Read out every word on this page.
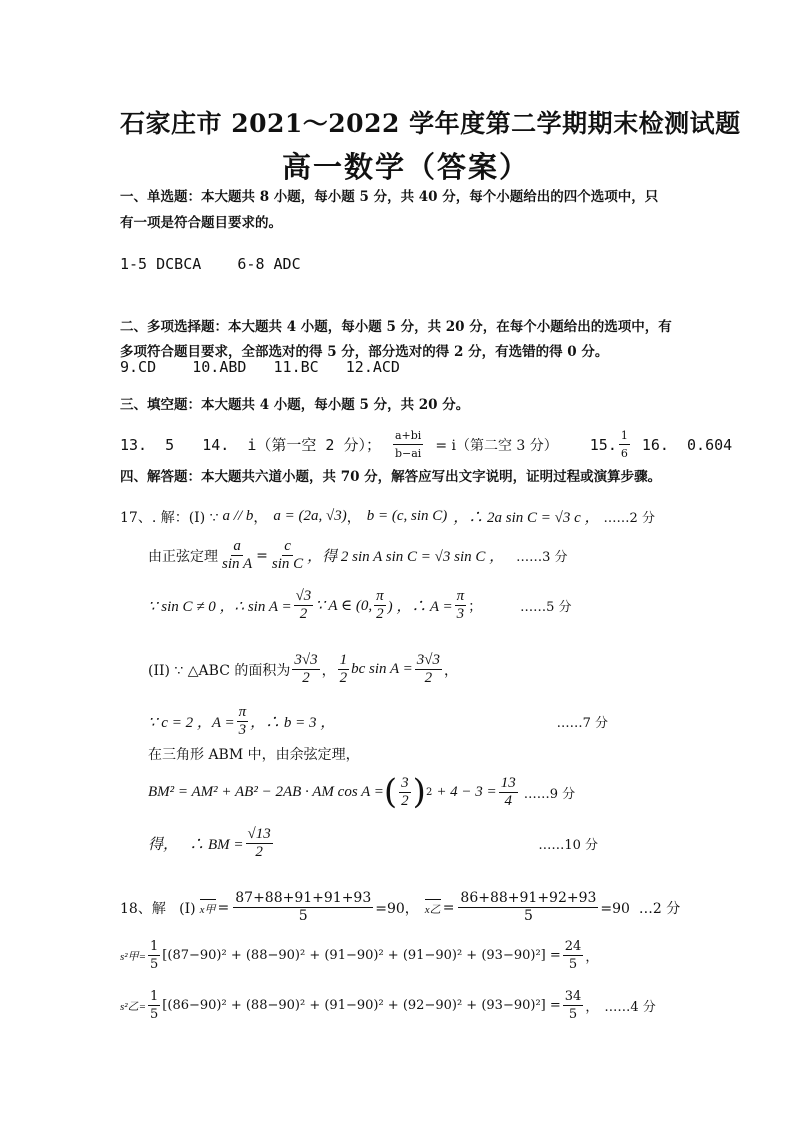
石家庄市 2021～2022 学年度第二学期期末检测试题
高一数学（答案）
一、单选题：本大题共 8 小题，每小题 5 分，共 40 分，每个小题给出的四个选项中，只
有一项是符合题目要求的。
1-5 DCBCA    6-8 ADC
二、多项选择题：本大题共 4 小题，每小题 5 分，共 20 分，在每个小题给出的选项中，有
多项符合题目要求，全部选对的得 5 分，部分选对的得 2 分，有选错的得 0 分。
9.CD    10.ABD   11.BC   12.ACD
三、填空题：本大题共 4 小题，每小题 5 分，共 20 分。
13.  5 14.  i（第一空 2 分）； $\frac{a+bi}{b-ai} = i$（第二空 3 分） 15. $\frac{1}{6} 16$.  0.604
四、解答题：本大题共六道小题，共 70 分，解答应写出文字说明，证明过程或演算步骤。
17、. 解：(I) ∵ a // b ， a = (2a, √3) ， b = (c, sin C) ，∴ 2a sin C = √3 c ， ……2 分
由正弦定理 $\frac{a}{\text{sin A}} = \frac{c}{\text{sin C}}$ ，得 2 sin A sin C = √3 sin C ， ……3 分
∵ sin C ≠ 0 ，∴ $\sin A = \frac{√3}{2}$ ∵ A ∈ (0, $\frac{\pi}{2}$ ) ，∴ $A = \frac{\pi}{3}$ ；	……5 分
(II) ∵ △ABC 的面积为 $\frac{3√3}{2}$ ， $\frac{1}{2}$ bc $\sin A = \frac{3√3}{2}$ ，
∵ c = 2 ，$A = \frac{\pi}{3}$ ，∴ b = 3 ，	……7 分
在三角形 ABM 中，由余弦定理，
BM² = AM² + AB² − 2AB · AM cos A = ( $\frac{3}{2}$ ) $2 + 4 - 3 = \frac{13}{4}$ ……9 分
得，   ∴ BM = $\frac{√13}{2}$	……10 分
18、解   (I) x甲 = $\frac{87+88+91+91+93}{5} =90$， x乙 = $\frac{86+88+91+92+93}{5} =90$  …2 分
s²甲= $\frac{1}{5} [(87-90)^2 + (88-90)^2 + (91-90)^2 + (91-90)^2 + (93-90)^2] = \frac{24}{5}$ ，
s²乙= $\frac{1}{5} [(86-90)^2 + (88-90)^2 + (91-90)^2 + (92-90)^2 + (93-90)^2] = \frac{34}{5}$ ， ……4 分
